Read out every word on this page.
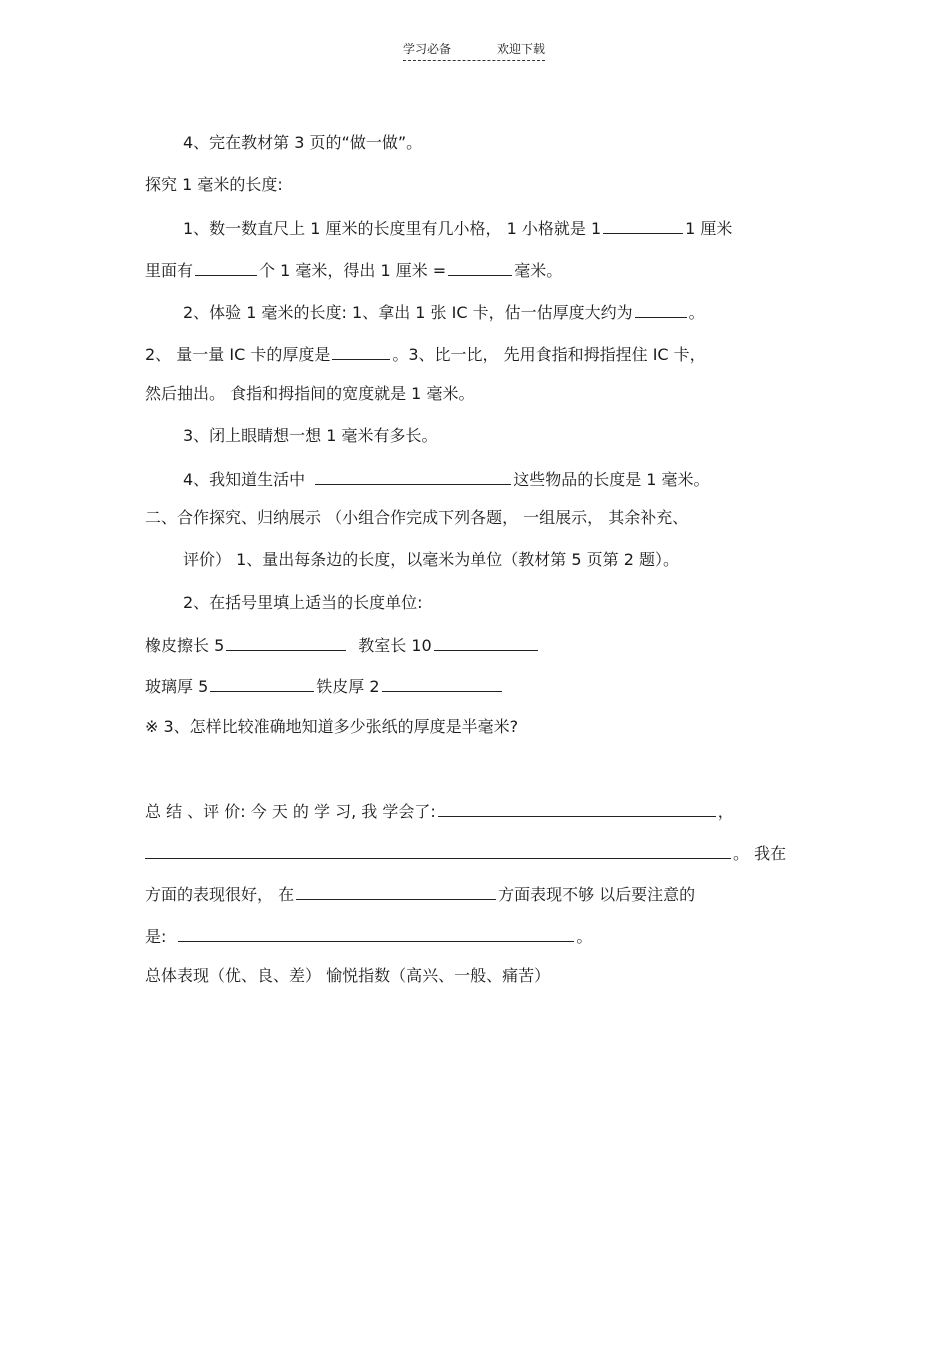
学习必备	欢迎下载
4、完在教材第 3 页的“做一做”。
探究 1 毫米的长度:
1、数一数直尺上 1 厘米的长度里有几小格， 1 小格就是 1	1 厘米
里面有	个 1 毫米，得出 1 厘米 =	毫米。
2、体验 1 毫米的长度: 1、拿出 1 张 IC 卡，估一估厚度大约为	。
2、 量一量 IC 卡的厚度是	。3、比一比， 先用食指和拇指捏住 IC 卡，
然后抽出。 食指和拇指间的宽度就是 1 毫米。
3、闭上眼睛想一想 1 毫米有多长。
4、我知道生活中	这些物品的长度是 1 毫米。
二、合作探究、归纳展示 （小组合作完成下列各题， 一组展示， 其余补充、
评价） 1、量出每条边的长度，以毫米为单位（教材第 5 页第 2 题）。
2、在括号里填上适当的长度单位:
橡皮擦长 5	教室长 10
玻璃厚 5	铁皮厚 2
※ 3、怎样比较准确地知道多少张纸的厚度是半毫米?
总 结 、评 价: 今 天 的 学 习, 我 学会了:	，
。 我在
方面的表现很好， 在	方面表现不够 以后要注意的
是:	。
总体表现（优、良、差） 愉悦指数（高兴、一般、痛苦）
